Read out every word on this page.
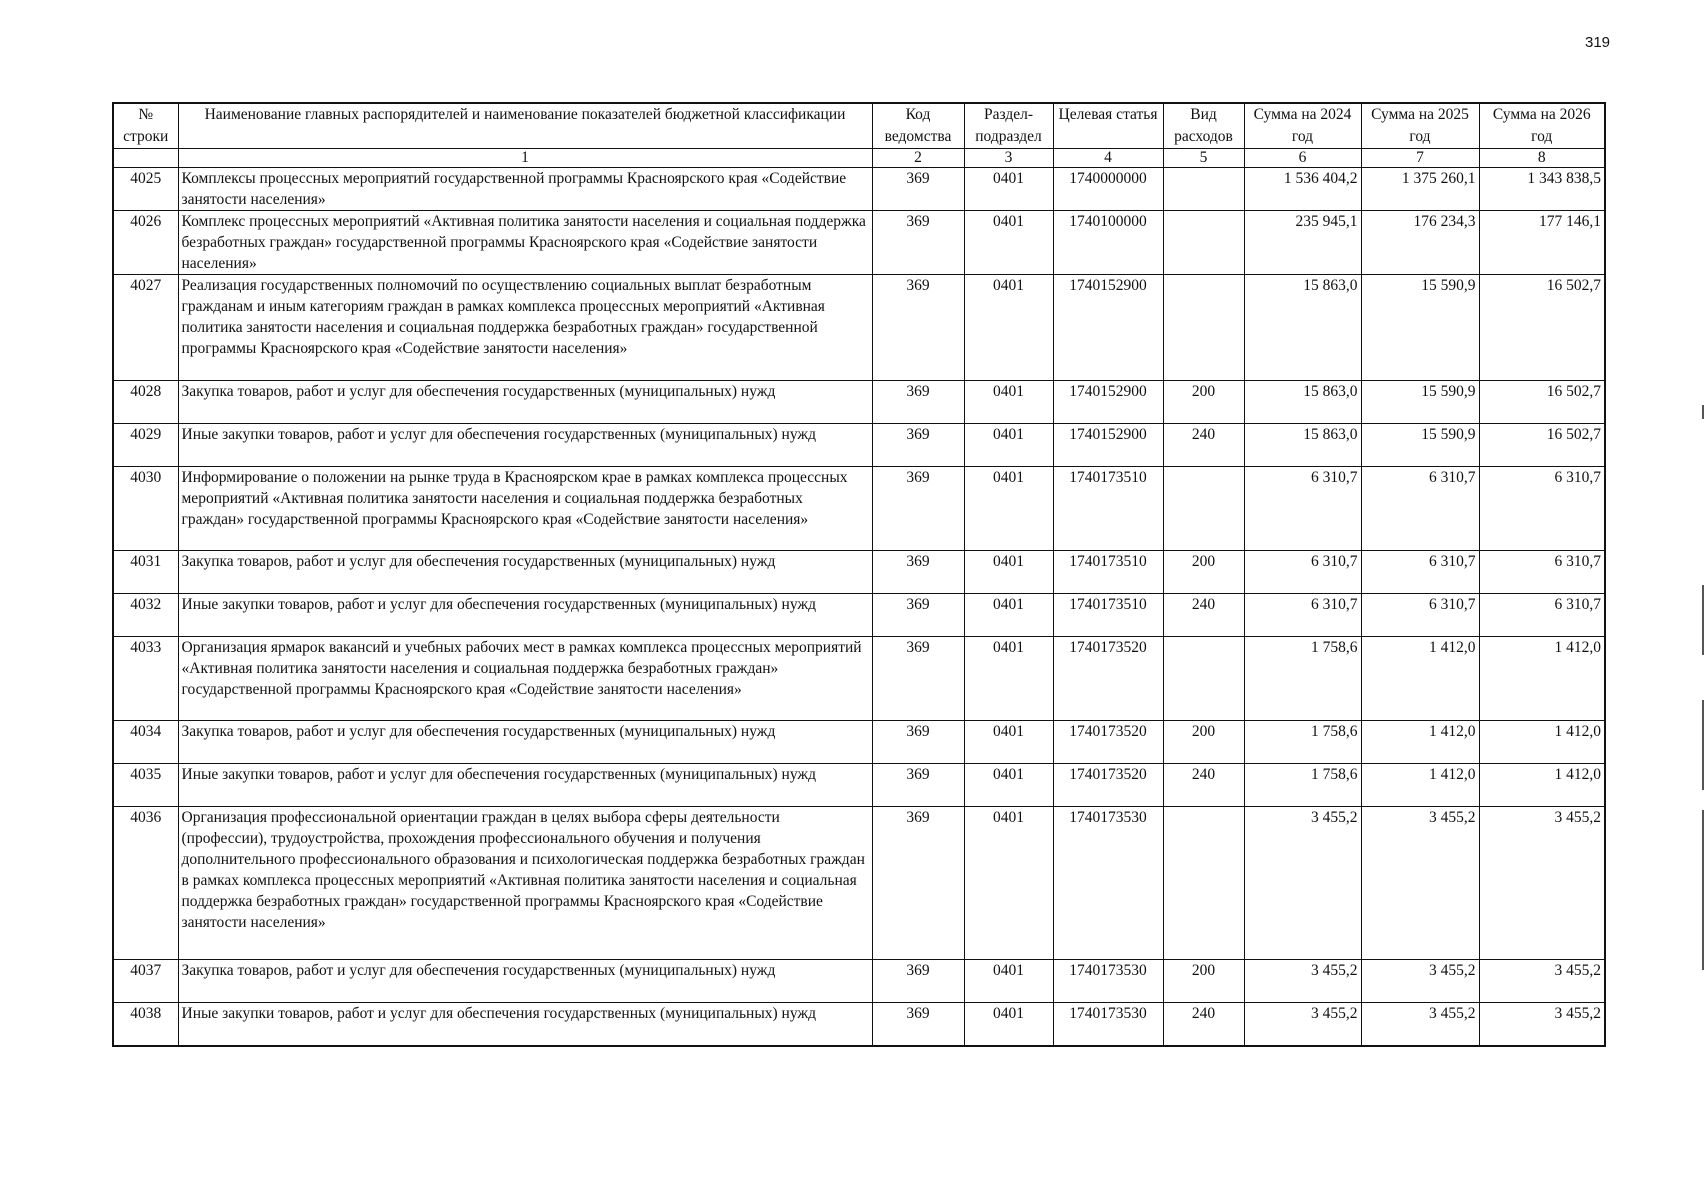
319
№ строки	Наименование главных распорядителей и наименование показателей бюджетной классификации	Код ведомства	Раздел-подраздел	Целевая статья	Вид расходов	Сумма на 2024 год	Сумма на 2025 год	Сумма на 2026 год
	1	2	3	4	5	6	7	8
4025	Комплексы процессных мероприятий государственной программы Красноярского края «Содействие занятости населения»	369	0401	1740000000		1 536 404,2	1 375 260,1	1 343 838,5
4026	Комплекс процессных мероприятий «Активная политика занятости населения и социальная поддержка безработных граждан» государственной программы Красноярского края «Содействие занятости населения»	369	0401	1740100000		235 945,1	176 234,3	177 146,1
4027	Реализация государственных полномочий по осуществлению социальных выплат безработным гражданам и иным категориям граждан в рамках комплекса процессных мероприятий «Активная политика занятости населения и социальная поддержка безработных граждан» государственной программы Красноярского края «Содействие занятости населения»	369	0401	1740152900		15 863,0	15 590,9	16 502,7
4028	Закупка товаров, работ и услуг для обеспечения государственных (муниципальных) нужд	369	0401	1740152900	200	15 863,0	15 590,9	16 502,7
4029	Иные закупки товаров, работ и услуг для обеспечения государственных (муниципальных) нужд	369	0401	1740152900	240	15 863,0	15 590,9	16 502,7
4030	Информирование о положении на рынке труда в Красноярском крае в рамках комплекса процессных мероприятий «Активная политика занятости населения и социальная поддержка безработных граждан» государственной программы Красноярского края «Содействие занятости населения»	369	0401	1740173510		6 310,7	6 310,7	6 310,7
4031	Закупка товаров, работ и услуг для обеспечения государственных (муниципальных) нужд	369	0401	1740173510	200	6 310,7	6 310,7	6 310,7
4032	Иные закупки товаров, работ и услуг для обеспечения государственных (муниципальных) нужд	369	0401	1740173510	240	6 310,7	6 310,7	6 310,7
4033	Организация ярмарок вакансий и учебных рабочих мест в рамках комплекса процессных мероприятий «Активная политика занятости населения и социальная поддержка безработных граждан» государственной программы Красноярского края «Содействие занятости населения»	369	0401	1740173520		1 758,6	1 412,0	1 412,0
4034	Закупка товаров, работ и услуг для обеспечения государственных (муниципальных) нужд	369	0401	1740173520	200	1 758,6	1 412,0	1 412,0
4035	Иные закупки товаров, работ и услуг для обеспечения государственных (муниципальных) нужд	369	0401	1740173520	240	1 758,6	1 412,0	1 412,0
4036	Организация профессиональной ориентации граждан в целях выбора сферы деятельности (профессии), трудоустройства, прохождения профессионального обучения и получения дополнительного профессионального образования и психологическая поддержка безработных граждан в рамках комплекса процессных мероприятий «Активная политика занятости населения и социальная поддержка безработных граждан» государственной программы Красноярского края «Содействие занятости населения»	369	0401	1740173530		3 455,2	3 455,2	3 455,2
4037	Закупка товаров, работ и услуг для обеспечения государственных (муниципальных) нужд	369	0401	1740173530	200	3 455,2	3 455,2	3 455,2
4038	Иные закупки товаров, работ и услуг для обеспечения государственных (муниципальных) нужд	369	0401	1740173530	240	3 455,2	3 455,2	3 455,2
